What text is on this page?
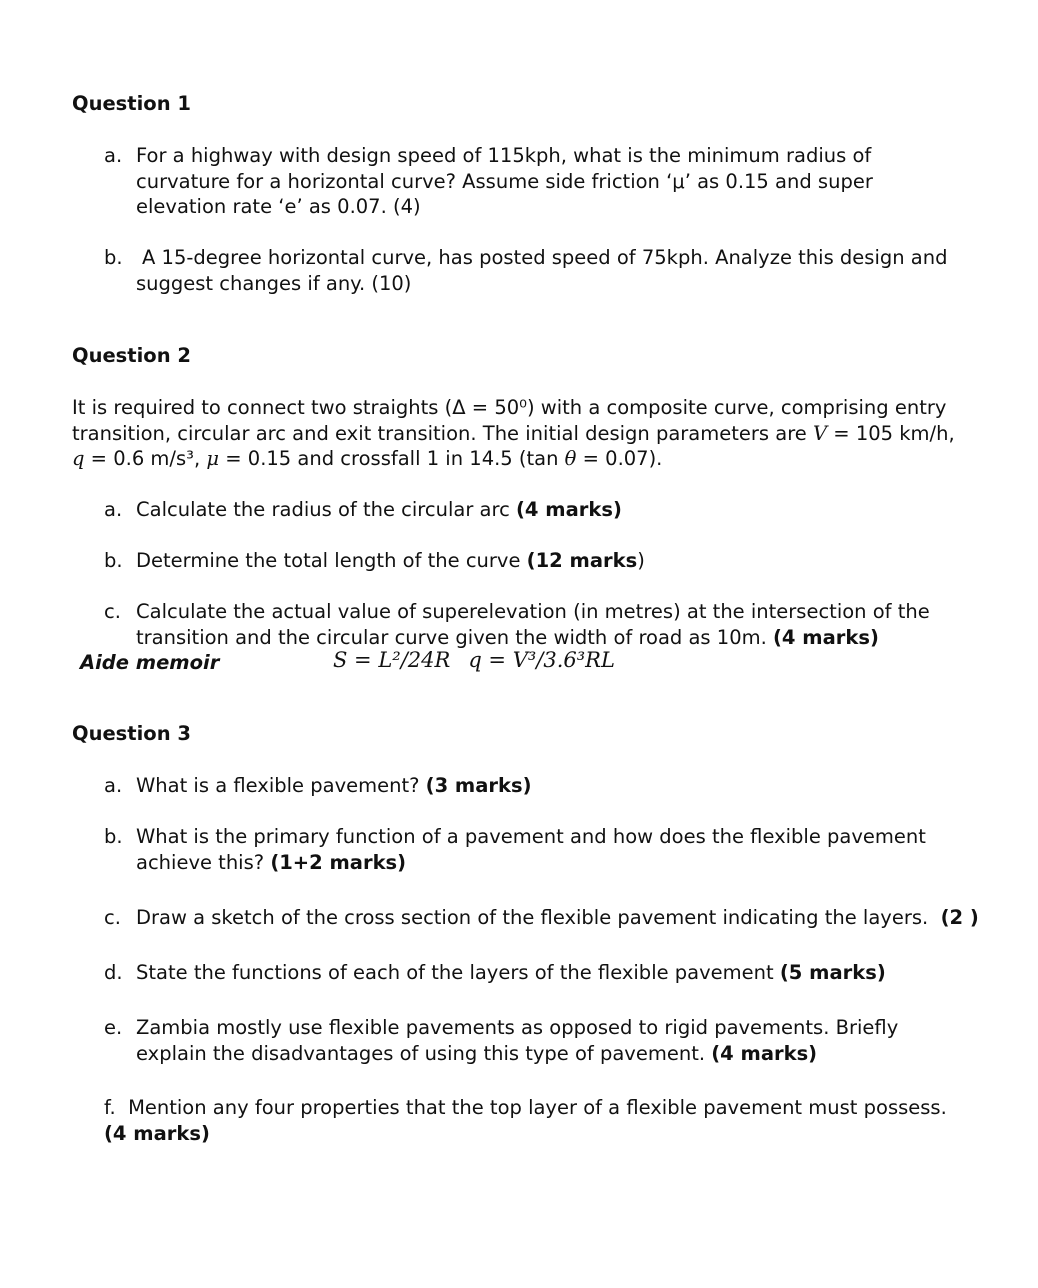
Question 1
a. For a highway with design speed of 115kph, what is the minimum radius of curvature for a horizontal curve? Assume side friction ‘μ’ as 0.15 and super elevation rate ‘e’ as 0.07. (4)
b. A 15-degree horizontal curve, has posted speed of 75kph. Analyze this design and suggest changes if any. (10)
Question 2
It is required to connect two straights (Δ = 50⁰) with a composite curve, comprising entry transition, circular arc and exit transition. The initial design parameters are V = 105 km/h,
q = 0.6 m/s³, μ = 0.15 and crossfall 1 in 14.5 (tan θ = 0.07).
a. Calculate the radius of the circular arc (4 marks)
b. Determine the total length of the curve (12 marks)
c. Calculate the actual value of superelevation (in metres) at the intersection of the transition and the circular curve given the width of road as 10m. (4 marks)
Aide memoir	S = L²/24R q = V³/3.6³RL
Question 3
a. What is a flexible pavement? (3 marks)
b. What is the primary function of a pavement and how does the flexible pavement achieve this? (1+2 marks)
c. Draw a sketch of the cross section of the flexible pavement indicating the layers.  (2 )
d. State the functions of each of the layers of the flexible pavement (5 marks)
e. Zambia mostly use flexible pavements as opposed to rigid pavements. Briefly explain the disadvantages of using this type of pavement. (4 marks)
f. Mention any four properties that the top layer of a flexible pavement must possess. (4 marks)
